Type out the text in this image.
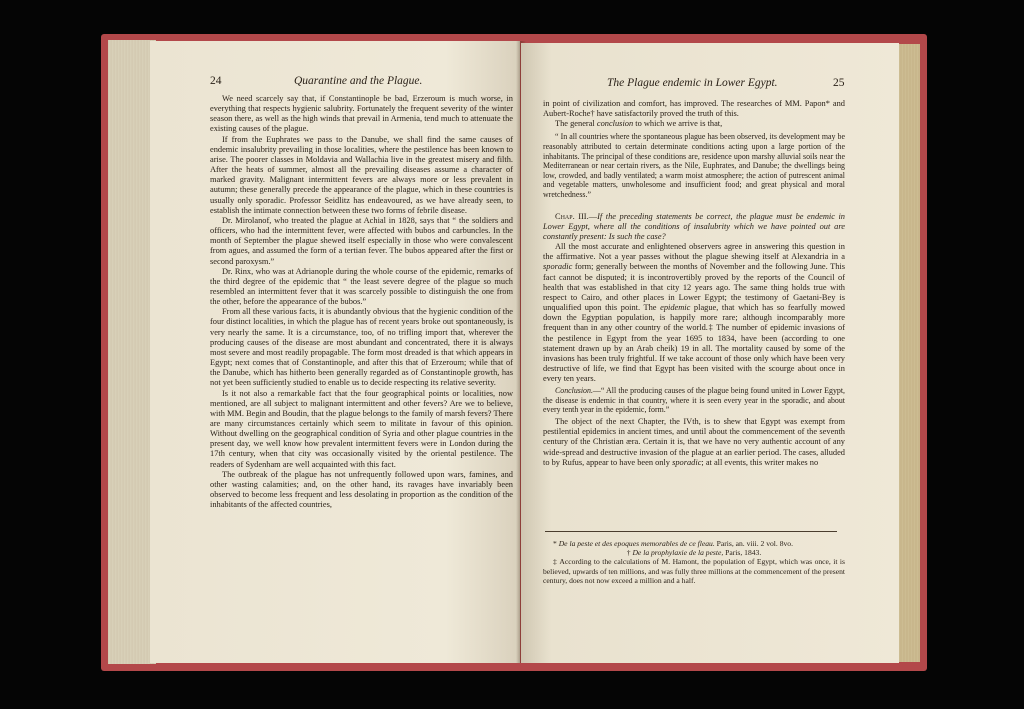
24	Quarantine and the Plague.

We need scarcely say that, if Constantinople be bad, Erzeroum is much worse, in everything that respects hygienic salubrity. Fortunately the frequent severity of the winter season there, as well as the high winds that prevail in Armenia, tend much to attenuate the existing causes of the plague.

If from the Euphrates we pass to the Danube, we shall find the same causes of endemic insalubrity prevailing in those localities, where the pestilence has been known to arise. The poorer classes in Moldavia and Wallachia live in the greatest misery and filth. After the heats of summer, almost all the prevailing diseases assume a character of marked gravity. Malignant intermittent fevers are always more or less prevalent in autumn; these generally precede the appearance of the plague, which in these countries is usually only sporadic. Professor Seidlitz has endeavoured, as we have already seen, to establish the intimate connection between these two forms of febrile disease.

Dr. Mirolanof, who treated the plague at Achial in 1828, says that “ the soldiers and officers, who had the intermittent fever, were affected with bubos and carbuncles. In the month of September the plague shewed itself especially in those who were convalescent from agues, and assumed the form of a tertian fever. The bubos appeared after the first or second paroxysm.”

Dr. Rinx, who was at Adrianople during the whole course of the epidemic, remarks of the third degree of the epidemic that “ the least severe degree of the plague so much resembled an intermittent fever that it was scarcely possible to distinguish the one from the other, before the appearance of the bubos.”

From all these various facts, it is abundantly obvious that the hygienic condition of the four distinct localities, in which the plague has of recent years broke out spontaneously, is very nearly the same. It is a circumstance, too, of no trifling import that, wherever the producing causes of the disease are most abundant and concentrated, there it is always most severe and most readily propagable. The form most dreaded is that which appears in Egypt; next comes that of Constantinople, and after this that of Erzeroum; while that of the Danube, which has hitherto been generally regarded as of Constantinople growth, has not yet been sufficiently studied to enable us to decide respecting its relative severity.

Is it not also a remarkable fact that the four geographical points or localities, now mentioned, are all subject to malignant intermittent and other fevers? Are we to believe, with MM. Begin and Boudin, that the plague belongs to the family of marsh fevers? There are many circumstances certainly which seem to militate in favour of this opinion. Without dwelling on the geographical condition of Syria and other plague countries in the present day, we well know how prevalent intermittent fevers were in London during the 17th century, when that city was occasionally visited by the oriental pestilence. The readers of Sydenham are well acquainted with this fact.

The outbreak of the plague has not unfrequently followed upon wars, famines, and other wasting calamities; and, on the other hand, its ravages have invariably been observed to become less frequent and less desolating in proportion as the condition of the inhabitants of the affected countries,

The Plague endemic in Lower Egypt.	25

in point of civilization and comfort, has improved. The researches of MM. Papon* and Aubert-Roche† have satisfactorily proved the truth of this.

The general conclusion to which we arrive is that,

“ In all countries where the spontaneous plague has been observed, its development may be reasonably attributed to certain determinate conditions acting upon a large portion of the inhabitants. The principal of these conditions are, residence upon marshy alluvial soils near the Mediterranean or near certain rivers, as the Nile, Euphrates, and Danube; the dwellings being low, crowded, and badly ventilated; a warm moist atmosphere; the action of putrescent animal and vegetable matters, unwholesome and insufficient food; and great physical and moral wretchedness.”

Chap. III.—If the preceding statements be correct, the plague must be endemic in Lower Egypt, where all the conditions of insalubrity which we have pointed out are constantly present: Is such the case?

All the most accurate and enlightened observers agree in answering this question in the affirmative. Not a year passes without the plague shewing itself at Alexandria in a sporadic form; generally between the months of November and the following June. This fact cannot be disputed; it is incontrovertibly proved by the reports of the Council of health that was established in that city 12 years ago. The same thing holds true with respect to Cairo, and other places in Lower Egypt; the testimony of Gaetani-Bey is unqualified upon this point. The epidemic plague, that which has so fearfully mowed down the Egyptian population, is happily more rare; although incomparably more frequent than in any other country of the world.‡ The number of epidemic invasions of the pestilence in Egypt from the year 1695 to 1834, have been (according to one statement drawn up by an Arab cheik) 19 in all. The mortality caused by some of the invasions has been truly frightful. If we take account of those only which have been very destructive of life, we find that Egypt has been visited with the scourge about once in every ten years.

Conclusion.—“ All the producing causes of the plague being found united in Lower Egypt, the disease is endemic in that country, where it is seen every year in the sporadic, and about every tenth year in the epidemic, form.”

The object of the next Chapter, the IVth, is to shew that Egypt was exempt from pestilential epidemics in ancient times, and until about the commencement of the seventh century of the Christian æra. Certain it is, that we have no very authentic account of any wide-spread and destructive invasion of the plague at an earlier period. The cases, alluded to by Rufus, appear to have been only sporadic; at all events, this writer makes no

* De la peste et des epoques memorables de ce fleau. Paris, an. viii. 2 vol. 8vo.

† De la prophylaxie de la peste, Paris, 1843.

‡ According to the calculations of M. Hamont, the population of Egypt, which was once, it is believed, upwards of ten millions, and was fully three millions at the commencement of the present century, does not now exceed a million and a half.
